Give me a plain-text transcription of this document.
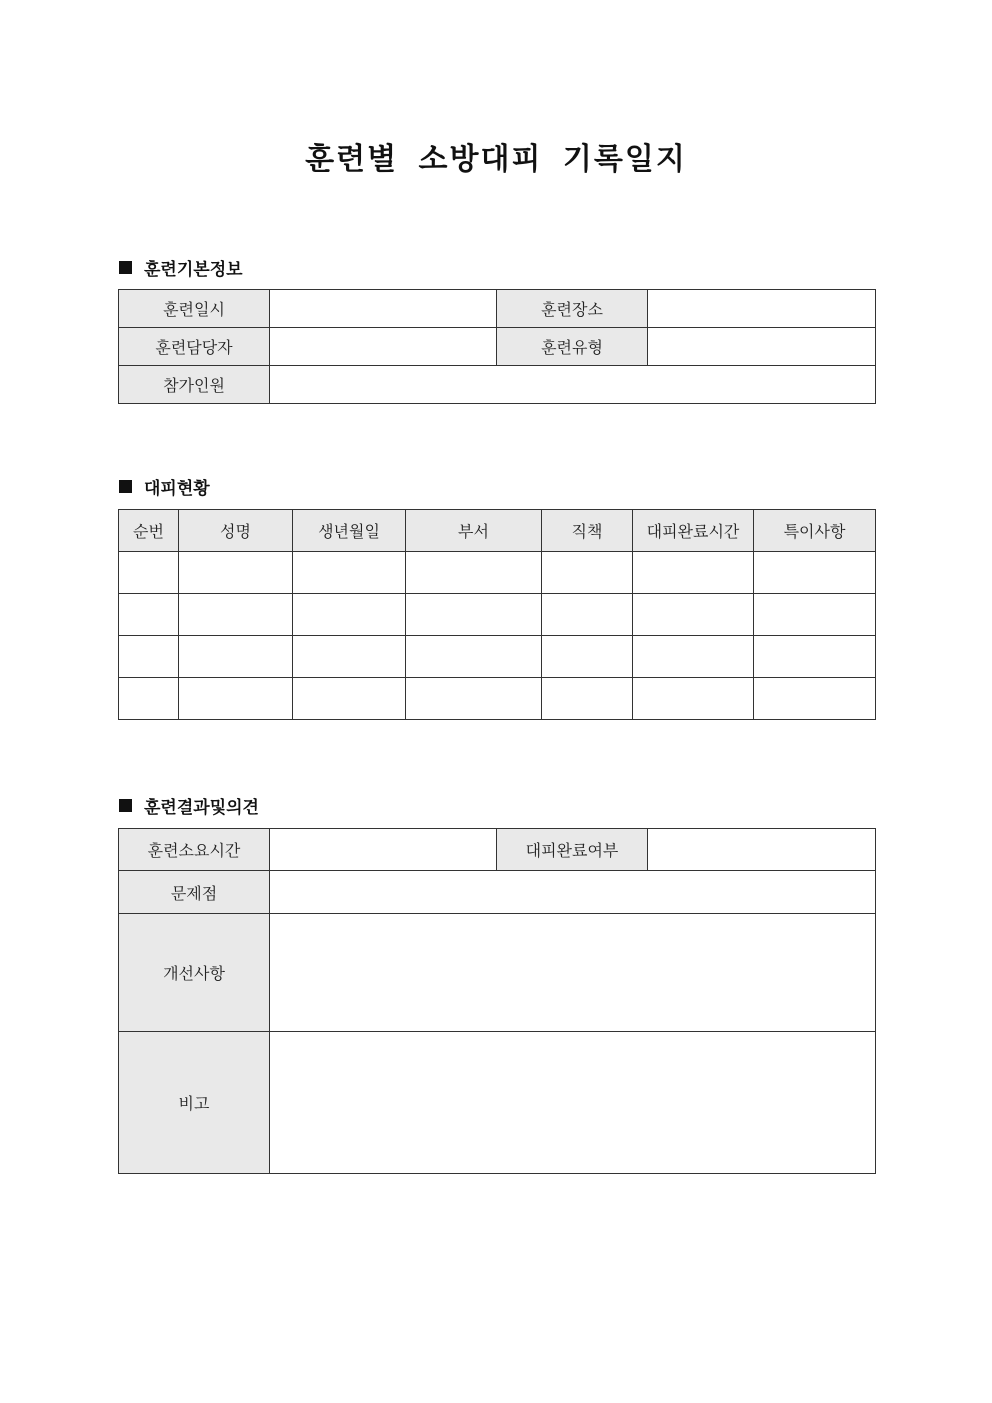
훈련별 소방대피 기록일지
훈련기본정보
훈련일시		훈련장소	
훈련담당자		훈련유형	
참가인원			
대피현황
순번	성명	생년월일	부서	직책	대피완료시간	특이사항

훈련결과및의견
훈련소요시간		대피완료여부	
문제점			
개선사항			
비고			
